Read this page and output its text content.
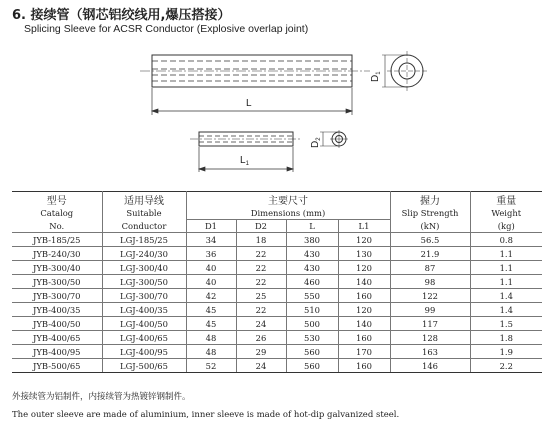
6. 接续管（钢芯铝绞线用,爆压搭接）
Splicing Sleeve for ACSR Conductor (Explosive overlap joint)
L
$D_1$
$L_1$
$D_2$
型号	适用导线	主要尺寸				握力	重量
Catalog	Suitable	Dimensions (mm)				Slip Strength	Weight
No.	Conductor	D1	D2	L	L1	(kN)	(kg)
JYB-185/25	LGJ-185/25	34	18	380	120	56.5	0.8
JYB-240/30	LGJ-240/30	36	22	430	130	21.9	1.1
JYB-300/40	LGJ-300/40	40	22	430	120	87	1.1
JYB-300/50	LGJ-300/50	40	22	460	140	98	1.1
JYB-300/70	LGJ-300/70	42	25	550	160	122	1.4
JYB-400/35	LGJ-400/35	45	22	510	120	99	1.4
JYB-400/50	LGJ-400/50	45	24	500	140	117	1.5
JYB-400/65	LGJ-400/65	48	26	530	160	128	1.8
JYB-400/95	LGJ-400/95	48	29	560	170	163	1.9
JYB-500/65	LGJ-500/65	52	24	560	160	146	2.2
外接续管为铝制件，内接续管为热镀锌钢制件。
The outer sleeve are made of aluminium, inner sleeve is made of hot-dip galvanized steel.
